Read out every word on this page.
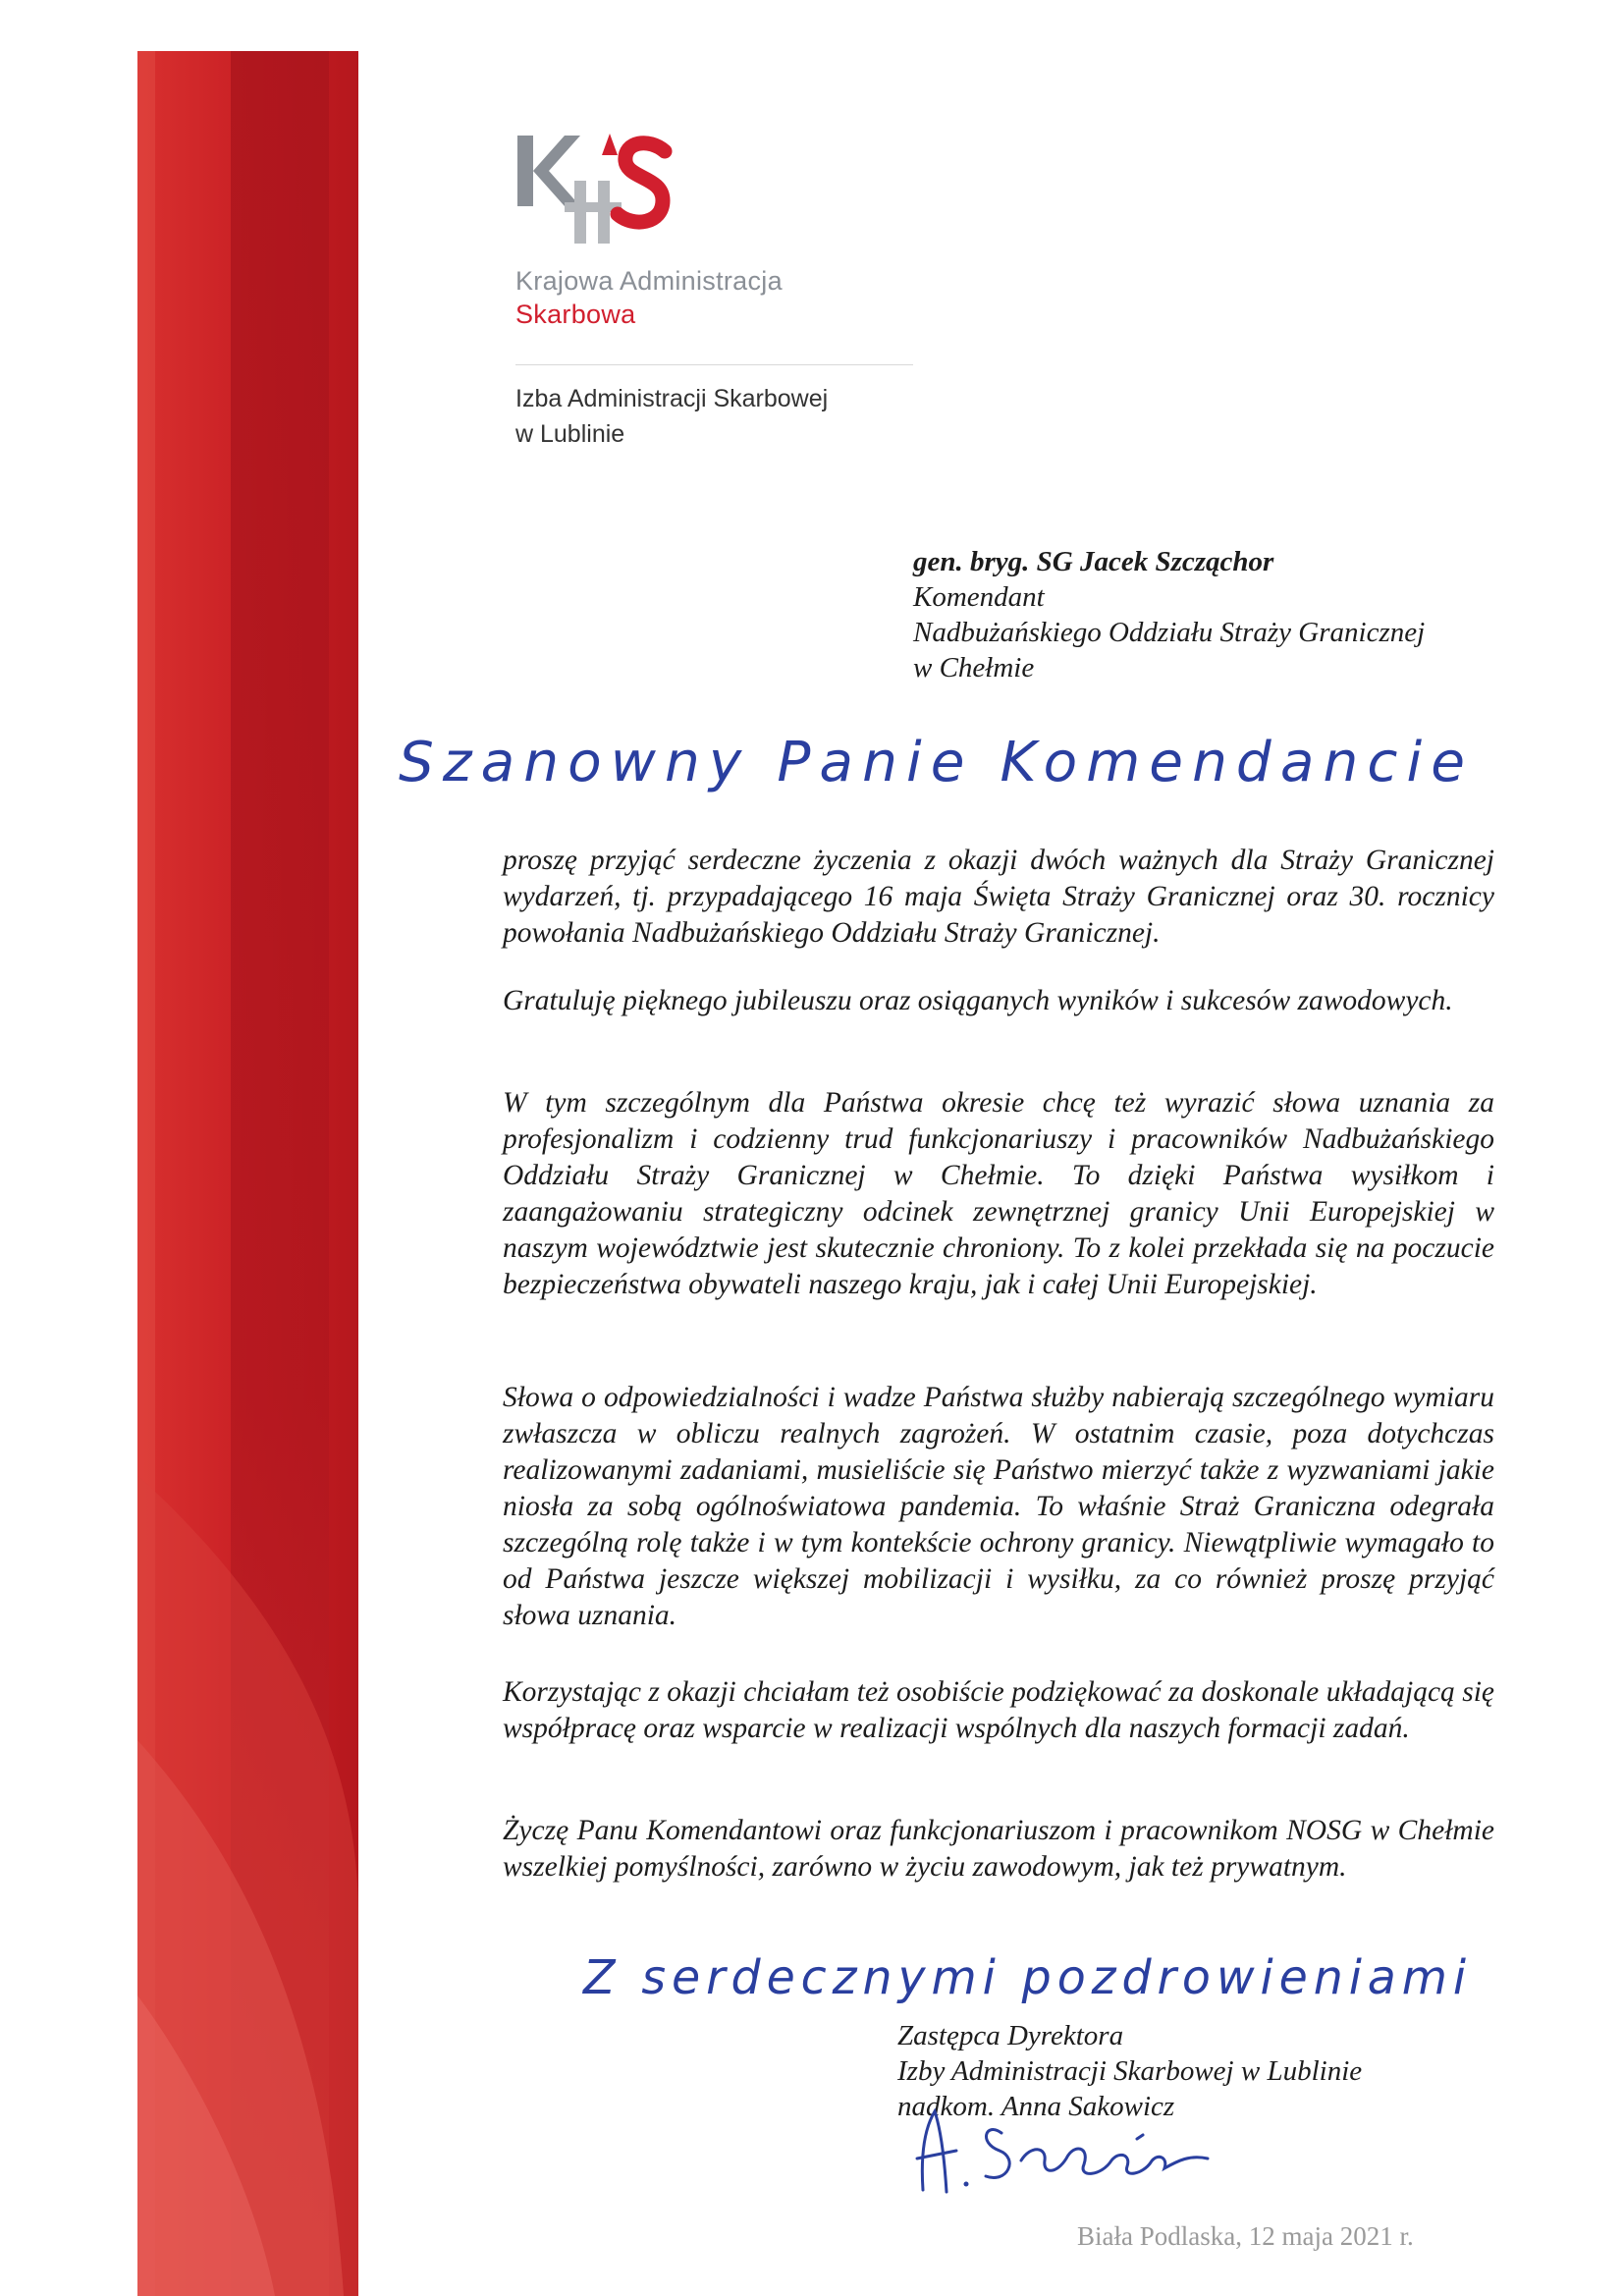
Krajowa Administracja
Skarbowa
Izba Administracji Skarbowej
w Lublinie
gen. bryg. SG Jacek Szcząchor
Komendant
Nadbużańskiego Oddziału Straży Granicznej
w Chełmie
Szanowny Panie Komendancie

proszę przyjąć serdeczne życzenia z okazji dwóch ważnych dla Straży Granicznej wydarzeń, tj. przypadającego 16 maja Święta Straży Granicznej oraz 30. rocznicy powołania Nadbużańskiego Oddziału Straży Granicznej.

Gratuluję pięknego jubileuszu oraz osiąganych wyników i sukcesów zawodowych.

W tym szczególnym dla Państwa okresie chcę też wyrazić słowa uznania za profesjonalizm i codzienny trud funkcjonariuszy i pracowników Nadbużańskiego Oddziału Straży Granicznej w Chełmie. To dzięki Państwa wysiłkom i zaangażowaniu strategiczny odcinek zewnętrznej granicy Unii Europejskiej w naszym województwie jest skutecznie chroniony. To z kolei przekłada się na poczucie bezpieczeństwa obywateli naszego kraju, jak i całej Unii Europejskiej.

Słowa o odpowiedzialności i wadze Państwa służby nabierają szczególnego wymiaru zwłaszcza w obliczu realnych zagrożeń. W ostatnim czasie, poza dotychczas realizowanymi zadaniami, musieliście się Państwo mierzyć także z wyzwaniami jakie niosła za sobą ogólnoświatowa pandemia. To właśnie Straż Graniczna odegrała szczególną rolę także i w tym kontekście ochrony granicy. Niewątpliwie wymagało to od Państwa jeszcze większej mobilizacji i wysiłku, za co również proszę przyjąć słowa uznania.

Korzystając z okazji chciałam też osobiście podziękować za doskonale układającą się współpracę oraz wsparcie w realizacji wspólnych dla naszych formacji zadań.

Życzę Panu Komendantowi oraz funkcjonariuszom i pracownikom NOSG w Chełmie wszelkiej pomyślności, zarówno w życiu zawodowym, jak też prywatnym.

Z serdecznymi pozdrowieniami
Zastępca Dyrektora
Izby Administracji Skarbowej w Lublinie
nadkom. Anna Sakowicz
Biała Podlaska, 12 maja 2021 r.
